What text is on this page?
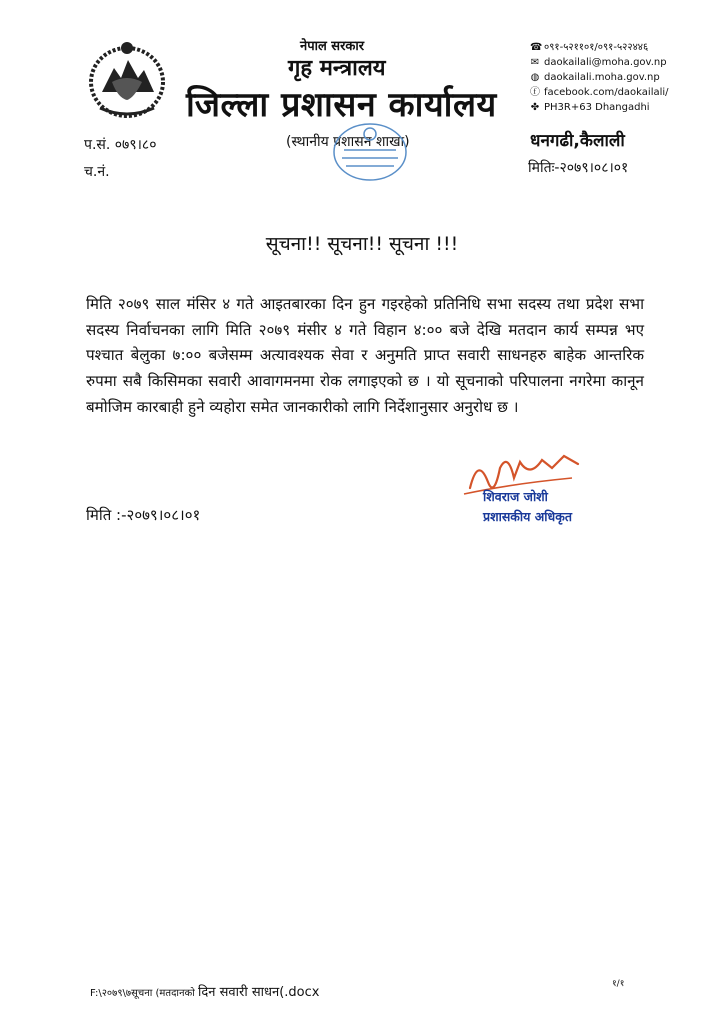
नेपाल सरकार
गृह मन्त्रालय
जिल्ला प्रशासन कार्यालय
(स्थानीय प्रशासन शाखा)
☎ ०९१-५२११०१/०९१-५२२४४६
✉ daokailali@moha.gov.np
◍ daokailali.moha.gov.np
ⓕ facebook.com/daokailali/
✤ PH3R+63 Dhangadhi
धनगढी,कैलाली
मितिः-२०७९।०८।०१
प.सं. ०७९।८०
च.नं.
सूचना!! सूचना!! सूचना !!!
मिति २०७९ साल मंसिर ४ गते आइतबारका दिन हुन गइरहेको प्रतिनिधि सभा सदस्य तथा प्रदेश सभा सदस्य निर्वाचनका लागि मिति २०७९ मंसीर ४ गते विहान ४:०० बजे देखि मतदान कार्य सम्पन्न भए पश्चात बेलुका ७:०० बजेसम्म अत्यावश्यक सेवा र अनुमति प्राप्त सवारी साधनहरु बाहेक आन्तरिक रुपमा सबै किसिमका सवारी आवागमनमा रोक लगाइएको छ । यो सूचनाको परिपालना नगरेमा कानून बमोजिम कारबाही हुने व्यहोरा समेत जानकारीको लागि निर्देशानुसार अनुरोध छ ।
शिवराज जोशी
प्रशासकीय अधिकृत
मिति :-२०७९।०८।०१
F:\२०७९\७सूचना (मतदानको दिन सवारी साधन(.docx
१/१
